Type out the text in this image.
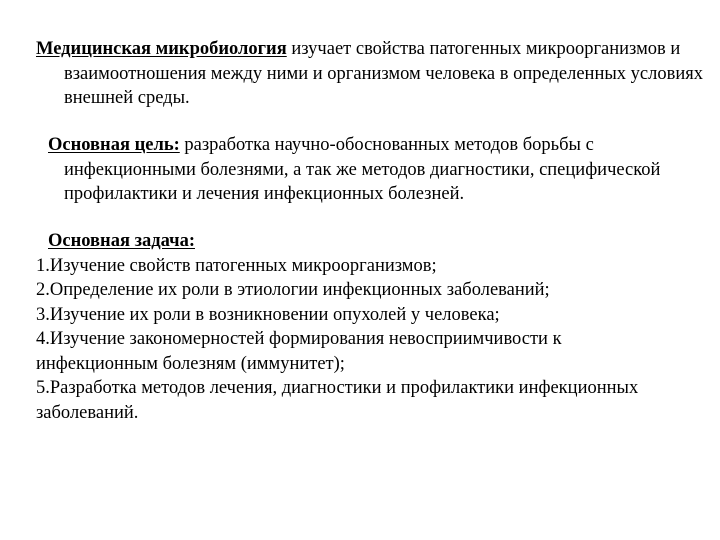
Медицинская микробиология изучает свойства патогенных микроорганизмов и взаимоотношения между ними и организмом человека в определенных условиях внешней среды.
Основная цель: разработка научно-обоснованных методов борьбы с инфекционными болезнями, а так же методов диагностики, специфической профилактики и лечения инфекционных болезней.
Основная задача:
1.Изучение свойств патогенных микроорганизмов;
2.Определение их роли в этиологии инфекционных заболеваний;
3.Изучение их роли в возникновении опухолей у человека;
4.Изучение закономерностей формирования невосприимчивости к инфекционным болезням (иммунитет);
5.Разработка методов лечения, диагностики и профилактики инфекционных заболеваний.
